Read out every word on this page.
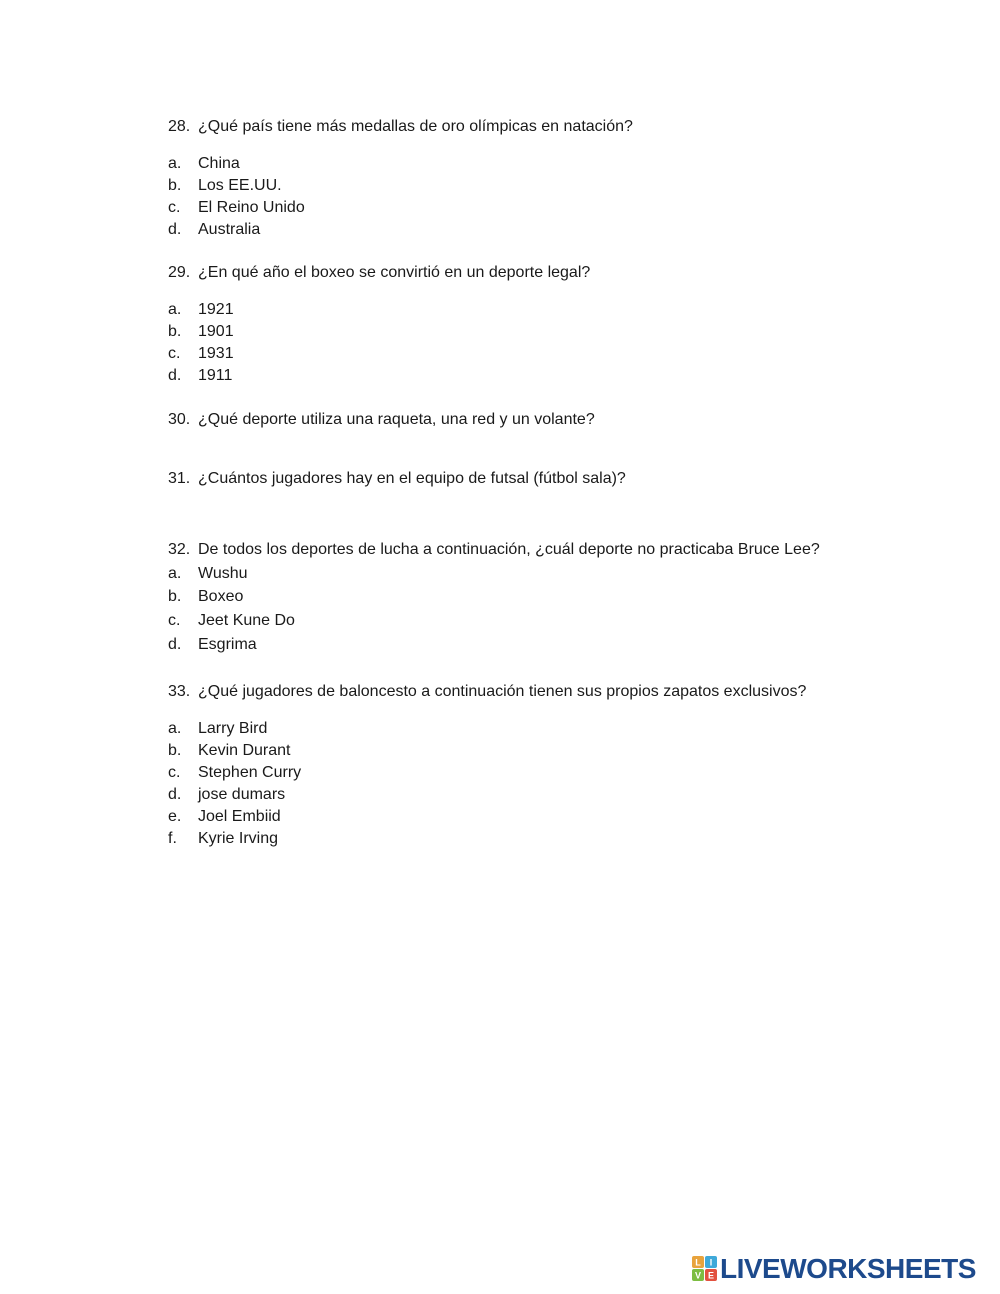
28. ¿Qué país tiene más medallas de oro olímpicas en natación?
a. China
b. Los EE.UU.
c. El Reino Unido
d. Australia
29. ¿En qué año el boxeo se convirtió en un deporte legal?
a. 1921
b. 1901
c. 1931
d. 1911
30. ¿Qué deporte utiliza una raqueta, una red y un volante?
31. ¿Cuántos jugadores hay en el equipo de futsal (fútbol sala)?
32. De todos los deportes de lucha a continuación, ¿cuál deporte no practicaba Bruce Lee?
a. Wushu
b. Boxeo
c. Jeet Kune Do
d. Esgrima
33. ¿Qué jugadores de baloncesto a continuación tienen sus propios zapatos exclusivos?
a. Larry Bird
b. Kevin Durant
c. Stephen Curry
d. jose dumars
e. Joel Embiid
f. Kyrie Irving
L I
V E LIVEWORKSHEETS
